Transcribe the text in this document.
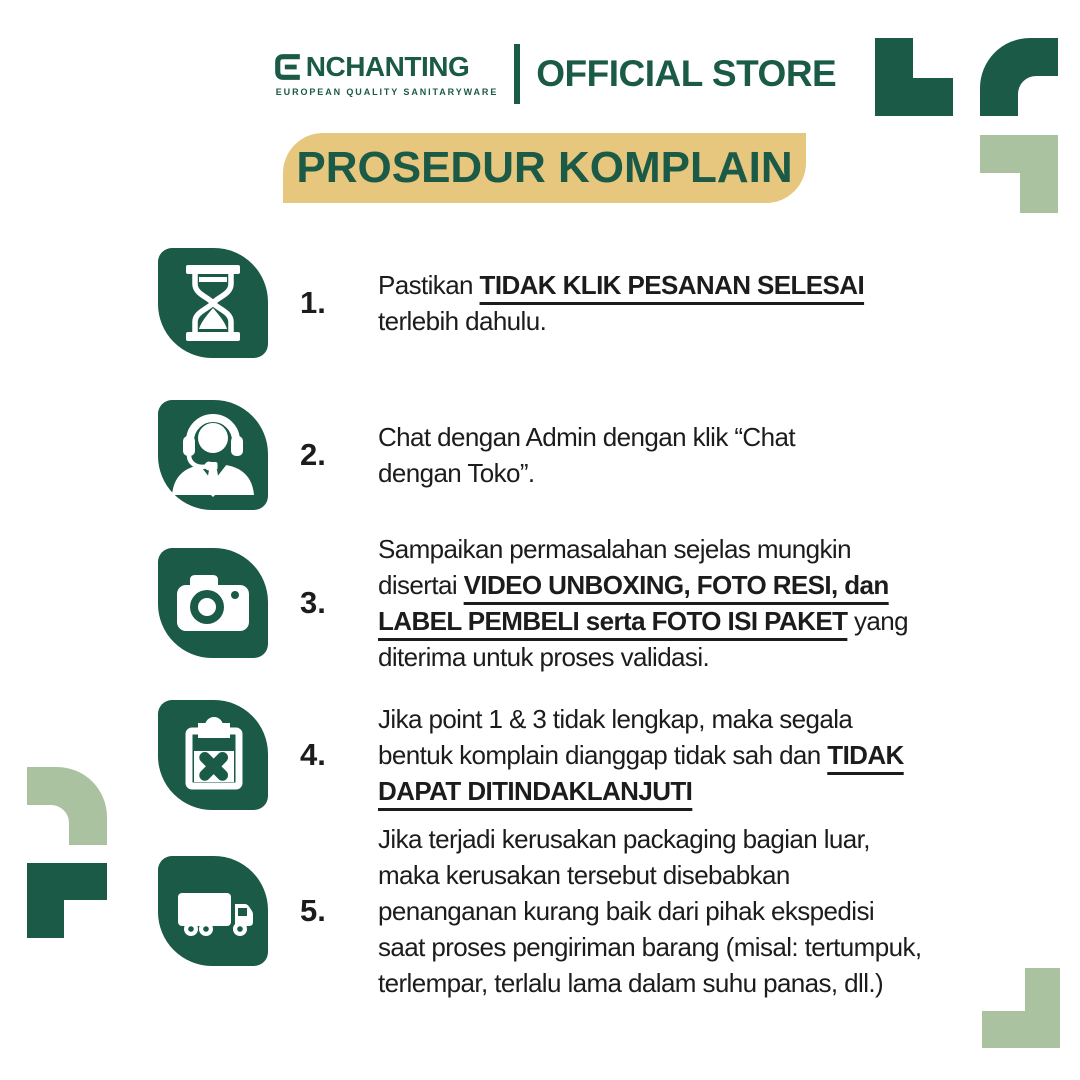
NCHANTING
EUROPEAN QUALITY SANITARYWARE OFFICIAL STORE
PROSEDUR KOMPLAIN
1.	Pastikan TIDAK KLIK PESANAN SELESAI
terlebih dahulu.
2.	Chat dengan Admin dengan klik “Chat
dengan Toko”.
3.
Sampaikan permasalahan sejelas mungkin
disertai VIDEO UNBOXING, FOTO RESI, dan
LABEL PEMBELI serta FOTO ISI PAKET yang
diterima untuk proses validasi.
4.
Jika point 1 & 3 tidak lengkap, maka segala
bentuk komplain dianggap tidak sah dan TIDAK
DAPAT DITINDAKLANJUTI
5.
Jika terjadi kerusakan packaging bagian luar,
maka kerusakan tersebut disebabkan
penanganan kurang baik dari pihak ekspedisi
saat proses pengiriman barang (misal: tertumpuk,
terlempar, terlalu lama dalam suhu panas, dll.)
